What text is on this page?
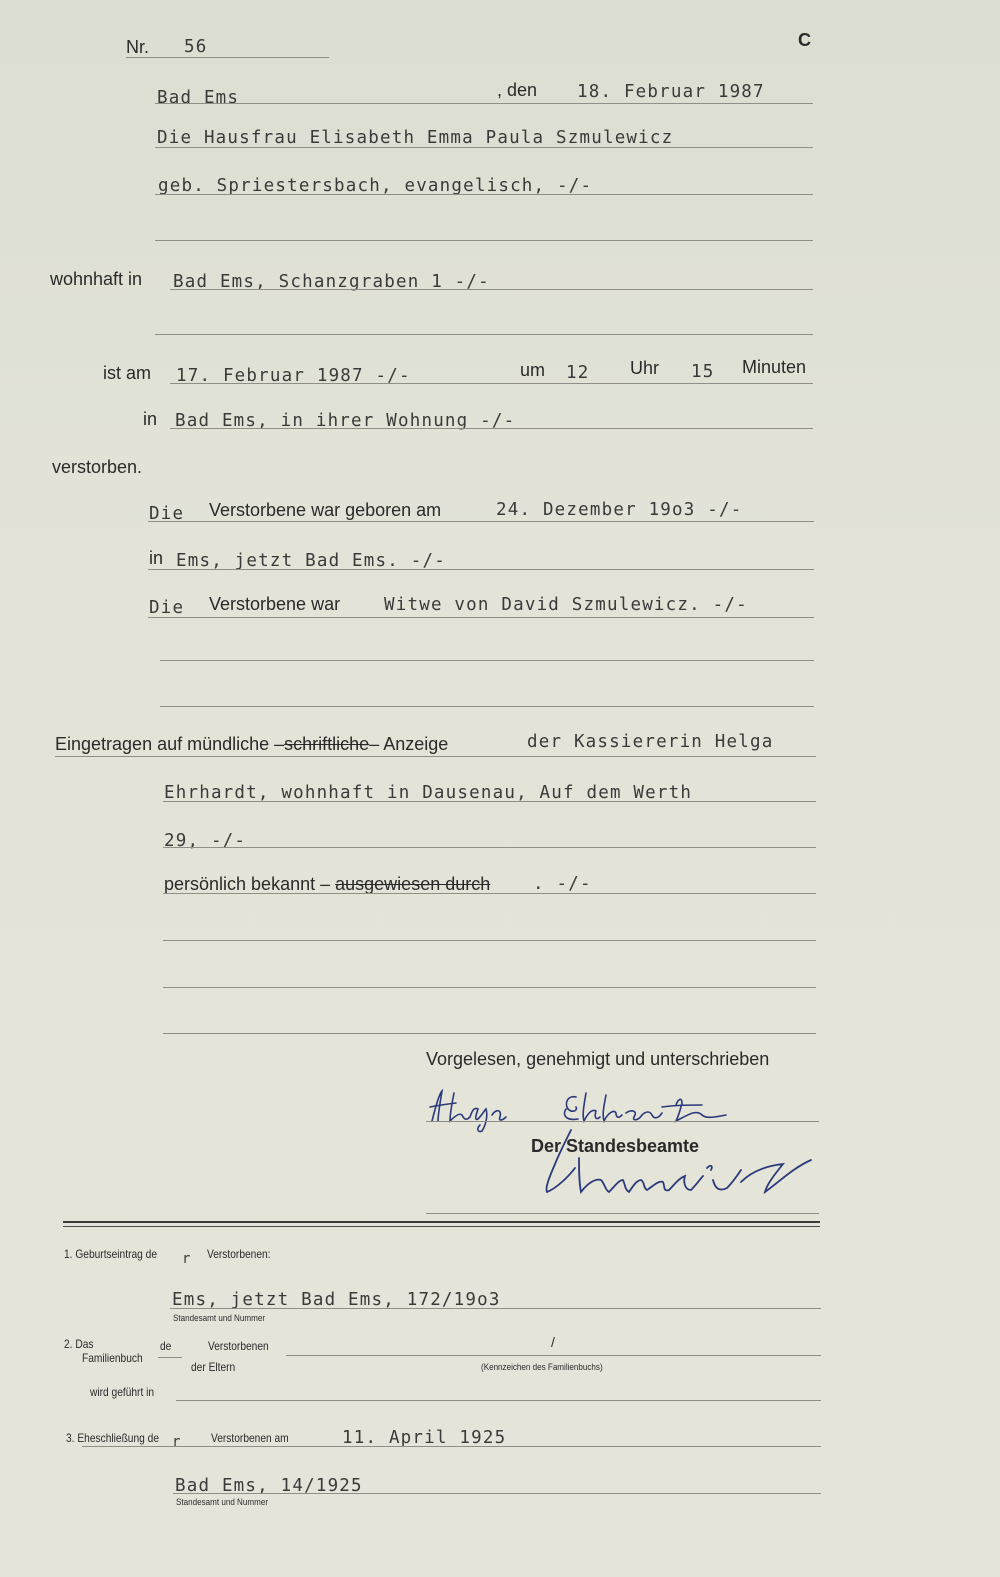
Nr. 56	C
Bad Ems	, den 18. Februar 1987
Die Hausfrau Elisabeth Emma Paula Szmulewicz
geb. Spriestersbach, evangelisch, -/-
wohnhaft in Bad Ems, Schanzgraben 1 -/-
ist am 17. Februar 1987 -/-	um 12 Uhr 15 Minuten
in Bad Ems, in ihrer Wohnung -/-
verstorben.
Die Verstorbene war geboren am	24. Dezember 19o3 -/-
in Ems, jetzt Bad Ems. -/-
Die Verstorbene war	Witwe von David Szmulewicz. -/-
Eingetragen auf mündliche –schriftliche– Anzeige	der Kassiererin Helga
Ehrhardt, wohnhaft in Dausenau, Auf dem Werth
29, -/-
persönlich bekannt – ausgewiesen durch . -/-
Vorgelesen, genehmigt und unterschrieben
Der Standesbeamte
1. Geburtseintrag de r Verstorbenen:
Ems, jetzt Bad Ems, 172/19o3
Standesamt und Nummer
2. Das
Familienbuch
de	Verstorbenen
der Eltern
/
(Kennzeichen des Familienbuchs)
wird geführt in
3. Eheschließung de r Verstorbenen am	11. April 1925
Bad Ems, 14/1925
Standesamt und Nummer
